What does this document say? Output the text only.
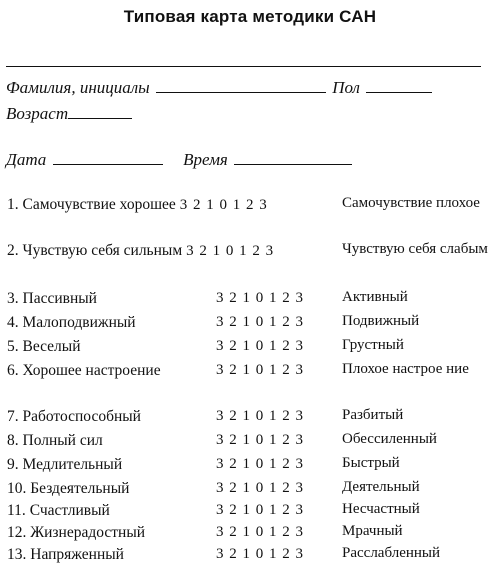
Типовая карта методики САН
Фамилия, инициалы	Пол
Возраст
Дата	Время
1. Самочувствие хорошее 3 2 1 0 1 2 3	Самочувствие плохое
2. Чувствую себя сильным 3 2 1 0 1 2 3	Чувствую себя слабым
3. Пассивный	3 2 1 0 1 2 3	Активный
4. Малоподвижный	3 2 1 0 1 2 3	Подвижный
5. Веселый	3 2 1 0 1 2 3	Грустный
6. Хорошее настроение	3 2 1 0 1 2 3	Плохое настрое ние
7. Работоспособный	3 2 1 0 1 2 3	Разбитый
8. Полный сил	3 2 1 0 1 2 3	Обессиленный
9. Медлительный	3 2 1 0 1 2 3	Быстрый
10. Бездеятельный	3 2 1 0 1 2 3	Деятельный
11. Счастливый	3 2 1 0 1 2 3	Несчастный
12. Жизнерадостный	3 2 1 0 1 2 3	Мрачный
13. Напряженный	3 2 1 0 1 2 3	Расслабленный
